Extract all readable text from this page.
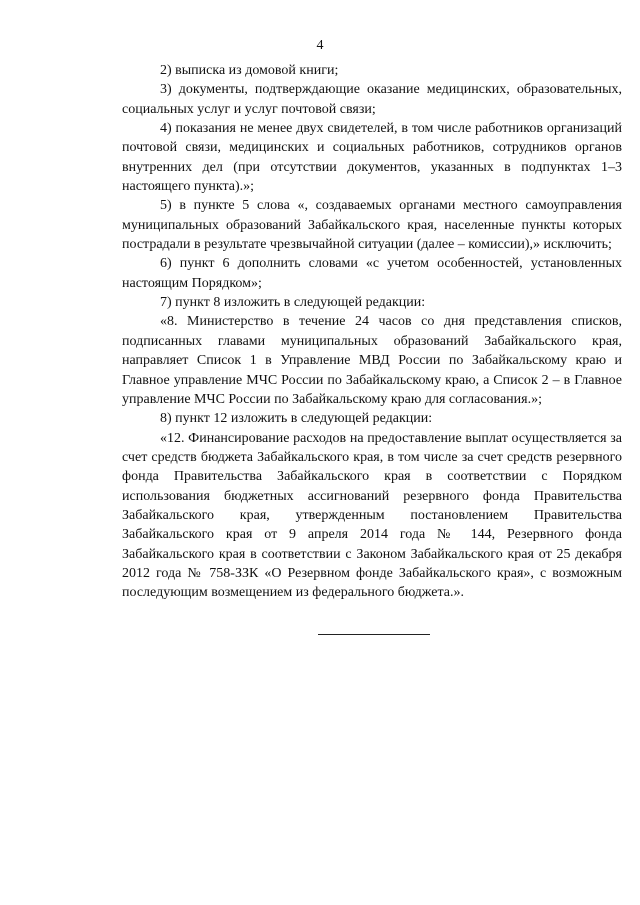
4

2) выписка из домовой книги;

3) документы, подтверждающие оказание медицинских, образовательных, социальных услуг и услуг почтовой связи;

4) показания не менее двух свидетелей, в том числе работников организаций почтовой связи, медицинских и социальных работников, сотрудников органов внутренних дел (при отсутствии документов, указанных в подпунктах 1–3 настоящего пункта).»;

5) в пункте 5 слова «, создаваемых органами местного самоуправления муниципальных образований Забайкальского края, населенные пункты которых пострадали в результате чрезвычайной ситуации (далее – комиссии),» исключить;

6) пункт 6 дополнить словами «с учетом особенностей, установленных настоящим Порядком»;

7) пункт 8 изложить в следующей редакции:

«8. Министерство в течение 24 часов со дня представления списков, подписанных главами муниципальных образований Забайкальского края, направляет Список 1 в Управление МВД России по Забайкальскому краю и Главное управление МЧС России по Забайкальскому краю, а Список 2 – в Главное управление МЧС России по Забайкальскому краю для согласования.»;

8) пункт 12 изложить в следующей редакции:

«12. Финансирование расходов на предоставление выплат осуществляется за счет средств бюджета Забайкальского края, в том числе за счет средств резервного фонда Правительства Забайкальского края в соответствии с Порядком использования бюджетных ассигнований резервного фонда Правительства Забайкальского края, утвержденным постановлением Правительства Забайкальского края от 9 апреля 2014 года № 144, Резервного фонда Забайкальского края в соответствии с Законом Забайкальского края от 25 декабря 2012 года № 758-ЗЗК «О Резервном фонде Забайкальского края», с возможным последующим возмещением из федерального бюджета.».
